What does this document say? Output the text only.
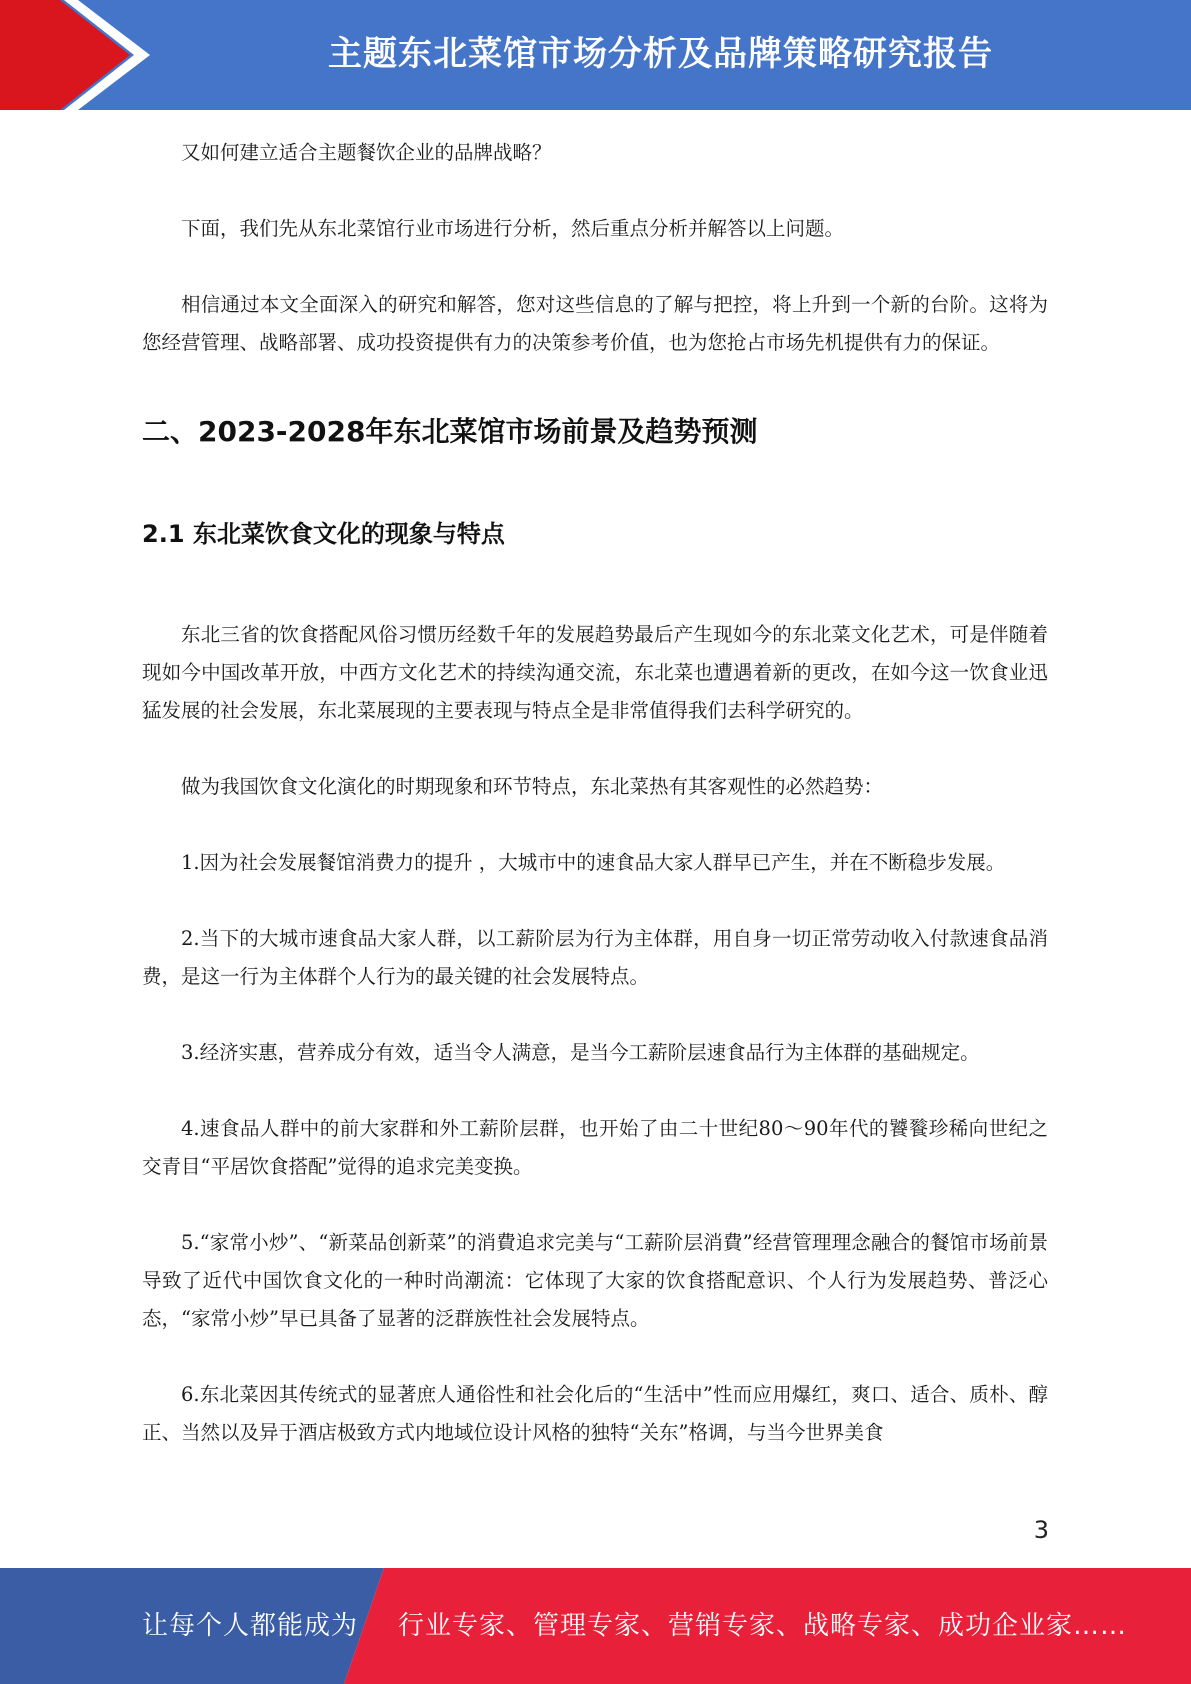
主题东北菜馆市场分析及品牌策略研究报告

又如何建立适合主题餐饮企业的品牌战略？

下面，我们先从东北菜馆行业市场进行分析，然后重点分析并解答以上问题。

相信通过本文全面深入的研究和解答，您对这些信息的了解与把控，将上升到一个新的台阶。这将为您经营管理、战略部署、成功投资提供有力的决策参考价值，也为您抢占市场先机提供有力的保证。

二、2023-2028年东北菜馆市场前景及趋势预测
2.1 东北菜饮食文化的现象与特点

东北三省的饮食搭配风俗习惯历经数千年的发展趋势最后产生现如今的东北菜文化艺术，可是伴随着现如今中国改革开放，中西方文化艺术的持续沟通交流，东北菜也遭遇着新的更改，在如今这一饮食业迅猛发展的社会发展，东北菜展现的主要表现与特点全是非常值得我们去科学研究的。

做为我国饮食文化演化的时期现象和环节特点，东北菜热有其客观性的必然趋势：

1.因为社会发展餐馆消费力的提升 ，大城市中的速食品大家人群早已产生，并在不断稳步发展。

2.当下的大城市速食品大家人群，以工薪阶层为行为主体群，用自身一切正常劳动收入付款速食品消费，是这一行为主体群个人行为的最关键的社会发展特点。

3.经济实惠，营养成分有效，适当令人满意，是当今工薪阶层速食品行为主体群的基础规定。

4.速食品人群中的前大家群和外工薪阶层群，也开始了由二十世纪80～90年代的饕餮珍稀向世纪之交青目“平居饮食搭配”觉得的追求完美变换。

5.“家常小炒”、“新菜品创新菜”的消費追求完美与“工薪阶层消費”经营管理理念融合的餐馆市场前景导致了近代中国饮食文化的一种时尚潮流：它体现了大家的饮食搭配意识、个人行为发展趋势、普泛心态，“家常小炒”早已具备了显著的泛群族性社会发展特点。

6.东北菜因其传统式的显著庶人通俗性和社会化后的“生活中”性而应用爆红，爽口、适合、质朴、醇正、当然以及异于酒店极致方式内地域位设计风格的独特“关东”格调，与当今世界美食

3
让每个人都能成为 行业专家、管理专家、营销专家、战略专家、成功企业家……
